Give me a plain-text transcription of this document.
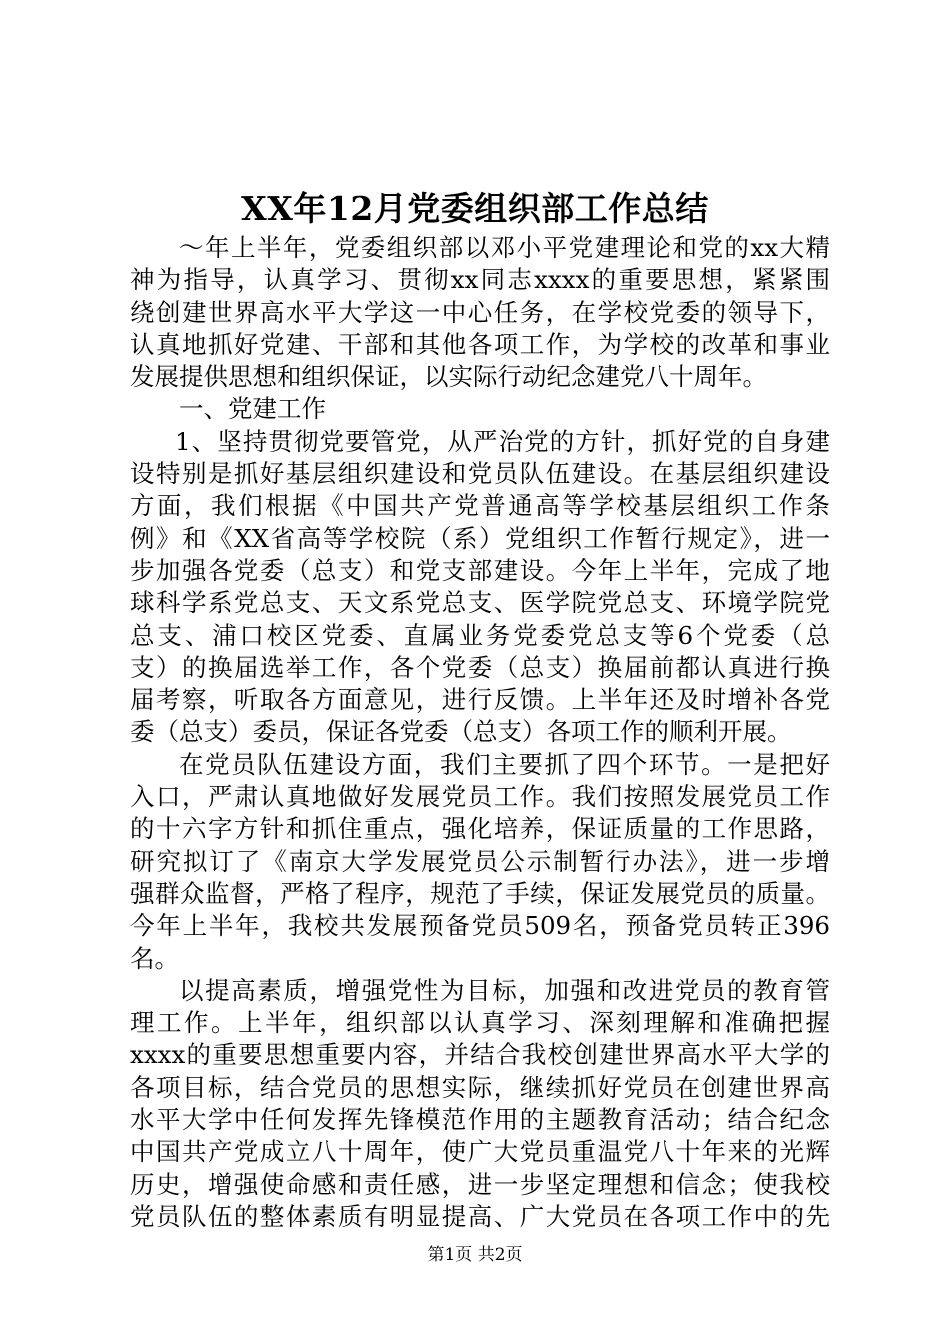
XX年12月党委组织部工作总结
～年上半年，党委组织部以邓小平党建理论和党的xx大精
神为指导，认真学习、贯彻xx同志xxxx的重要思想，紧紧围
绕创建世界高水平大学这一中心任务，在学校党委的领导下，
认真地抓好党建、干部和其他各项工作，为学校的改革和事业
发展提供思想和组织保证，以实际行动纪念建党八十周年。
一、党建工作
1、坚持贯彻党要管党，从严治党的方针，抓好党的自身建
设特别是抓好基层组织建设和党员队伍建设。在基层组织建设
方面，我们根据《中国共产党普通高等学校基层组织工作条
例》和《XX省高等学校院（系）党组织工作暂行规定》，进一
步加强各党委（总支）和党支部建设。今年上半年，完成了地
球科学系党总支、天文系党总支、医学院党总支、环境学院党
总支、浦口校区党委、直属业务党委党总支等6个党委（总
支）的换届选举工作，各个党委（总支）换届前都认真进行换
届考察，听取各方面意见，进行反馈。上半年还及时增补各党
委（总支）委员，保证各党委（总支）各项工作的顺利开展。
在党员队伍建设方面，我们主要抓了四个环节。一是把好
入口，严肃认真地做好发展党员工作。我们按照发展党员工作
的十六字方针和抓住重点，强化培养，保证质量的工作思路，
研究拟订了《南京大学发展党员公示制暂行办法》，进一步增
强群众监督，严格了程序，规范了手续，保证发展党员的质量。
今年上半年，我校共发展预备党员509名，预备党员转正396
名。
以提高素质，增强党性为目标，加强和改进党员的教育管
理工作。上半年，组织部以认真学习、深刻理解和准确把握
xxxx的重要思想重要内容，并结合我校创建世界高水平大学的
各项目标，结合党员的思想实际，继续抓好党员在创建世界高
水平大学中任何发挥先锋模范作用的主题教育活动；结合纪念
中国共产党成立八十周年，使广大党员重温党八十年来的光辉
历史，增强使命感和责任感，进一步坚定理想和信念；使我校
党员队伍的整体素质有明显提高、广大党员在各项工作中的先
第1页 共2页
